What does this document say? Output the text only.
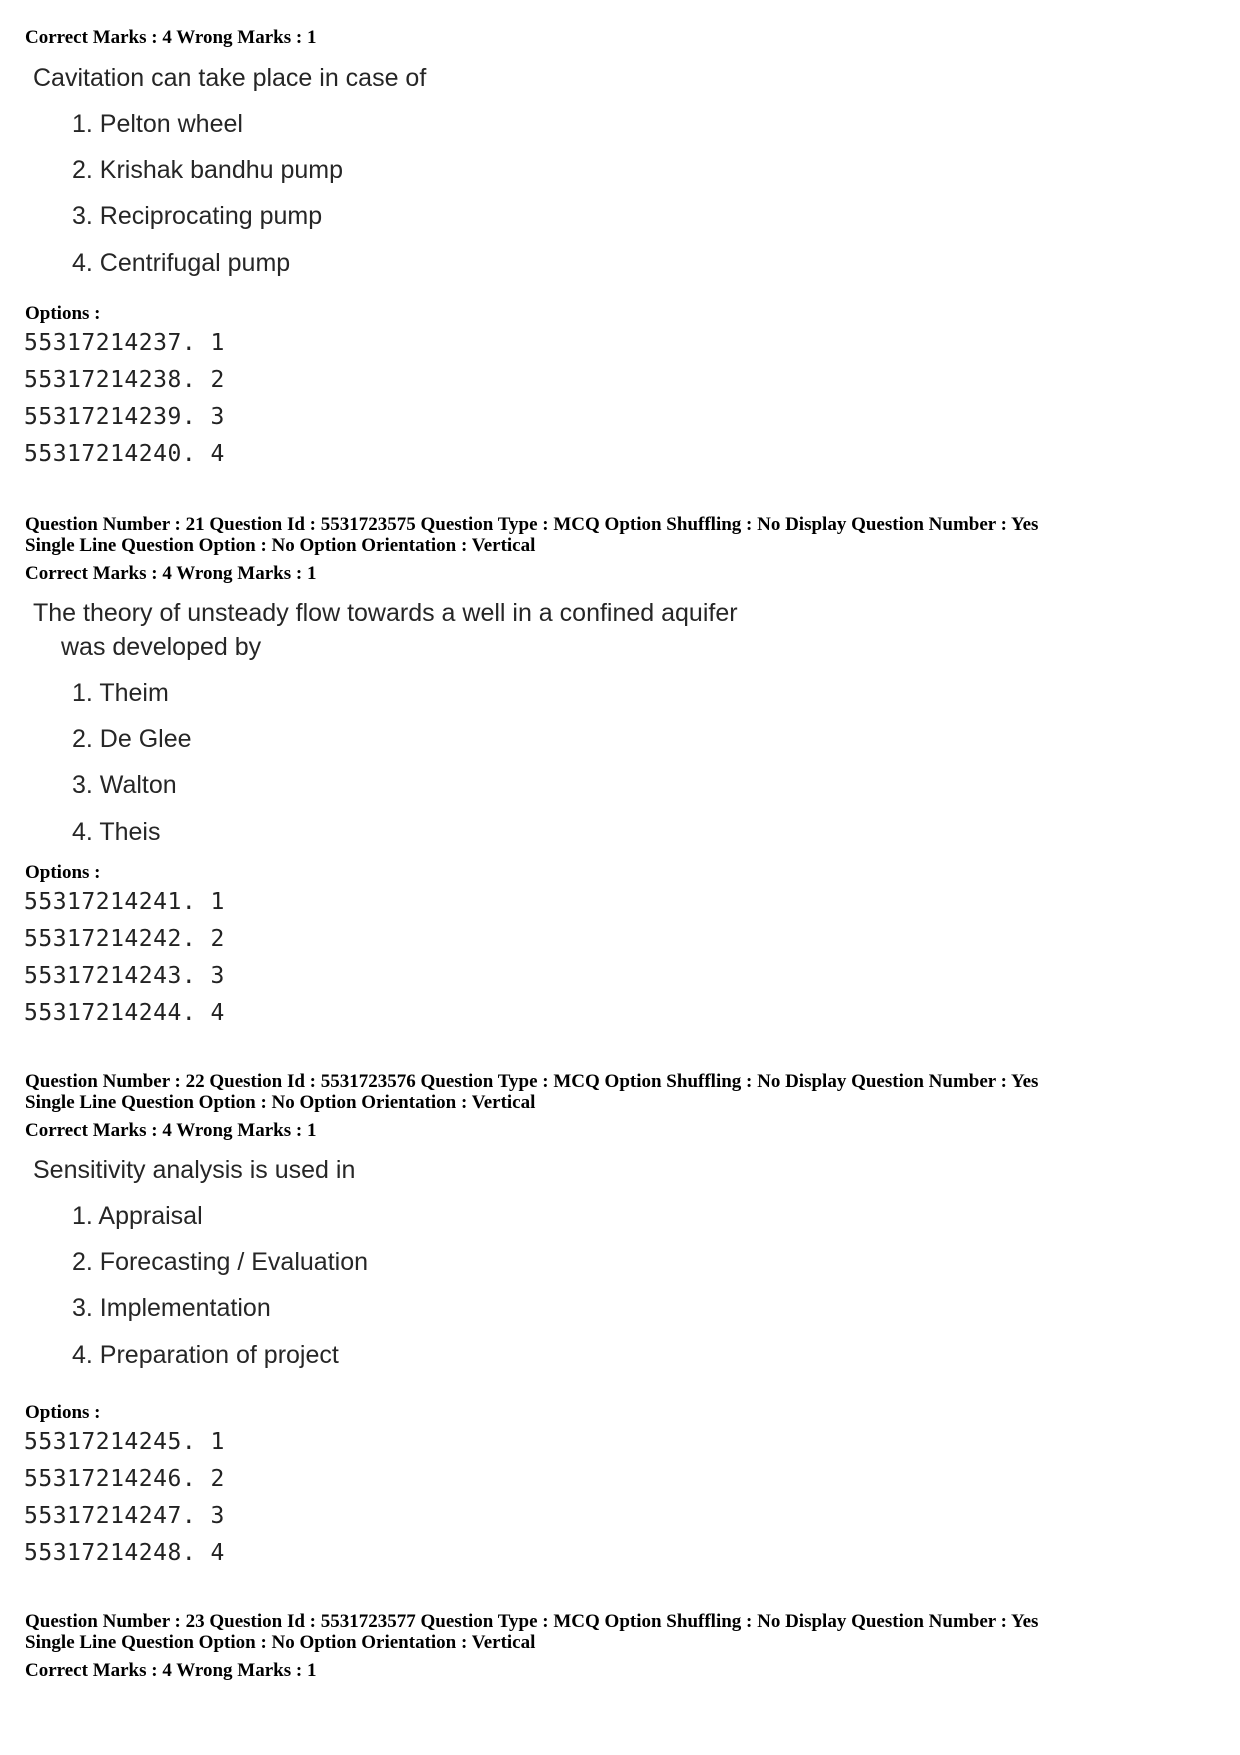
Correct Marks : 4 Wrong Marks : 1
Cavitation can take place in case of
1. Pelton wheel
2. Krishak bandhu pump
3. Reciprocating pump
4. Centrifugal pump
Options :
55317214237. 1
55317214238. 2
55317214239. 3
55317214240. 4
Question Number : 21 Question Id : 5531723575 Question Type : MCQ Option Shuffling : No Display Question Number : Yes
Single Line Question Option : No Option Orientation : Vertical
Correct Marks : 4 Wrong Marks : 1
The theory of unsteady flow towards a well in a confined aquifer
was developed by
1. Theim
2. De Glee
3. Walton
4. Theis
Options :
55317214241. 1
55317214242. 2
55317214243. 3
55317214244. 4
Question Number : 22 Question Id : 5531723576 Question Type : MCQ Option Shuffling : No Display Question Number : Yes
Single Line Question Option : No Option Orientation : Vertical
Correct Marks : 4 Wrong Marks : 1
Sensitivity analysis is used in
1. Appraisal
2. Forecasting / Evaluation
3. Implementation
4. Preparation of project
Options :
55317214245. 1
55317214246. 2
55317214247. 3
55317214248. 4
Question Number : 23 Question Id : 5531723577 Question Type : MCQ Option Shuffling : No Display Question Number : Yes
Single Line Question Option : No Option Orientation : Vertical
Correct Marks : 4 Wrong Marks : 1
